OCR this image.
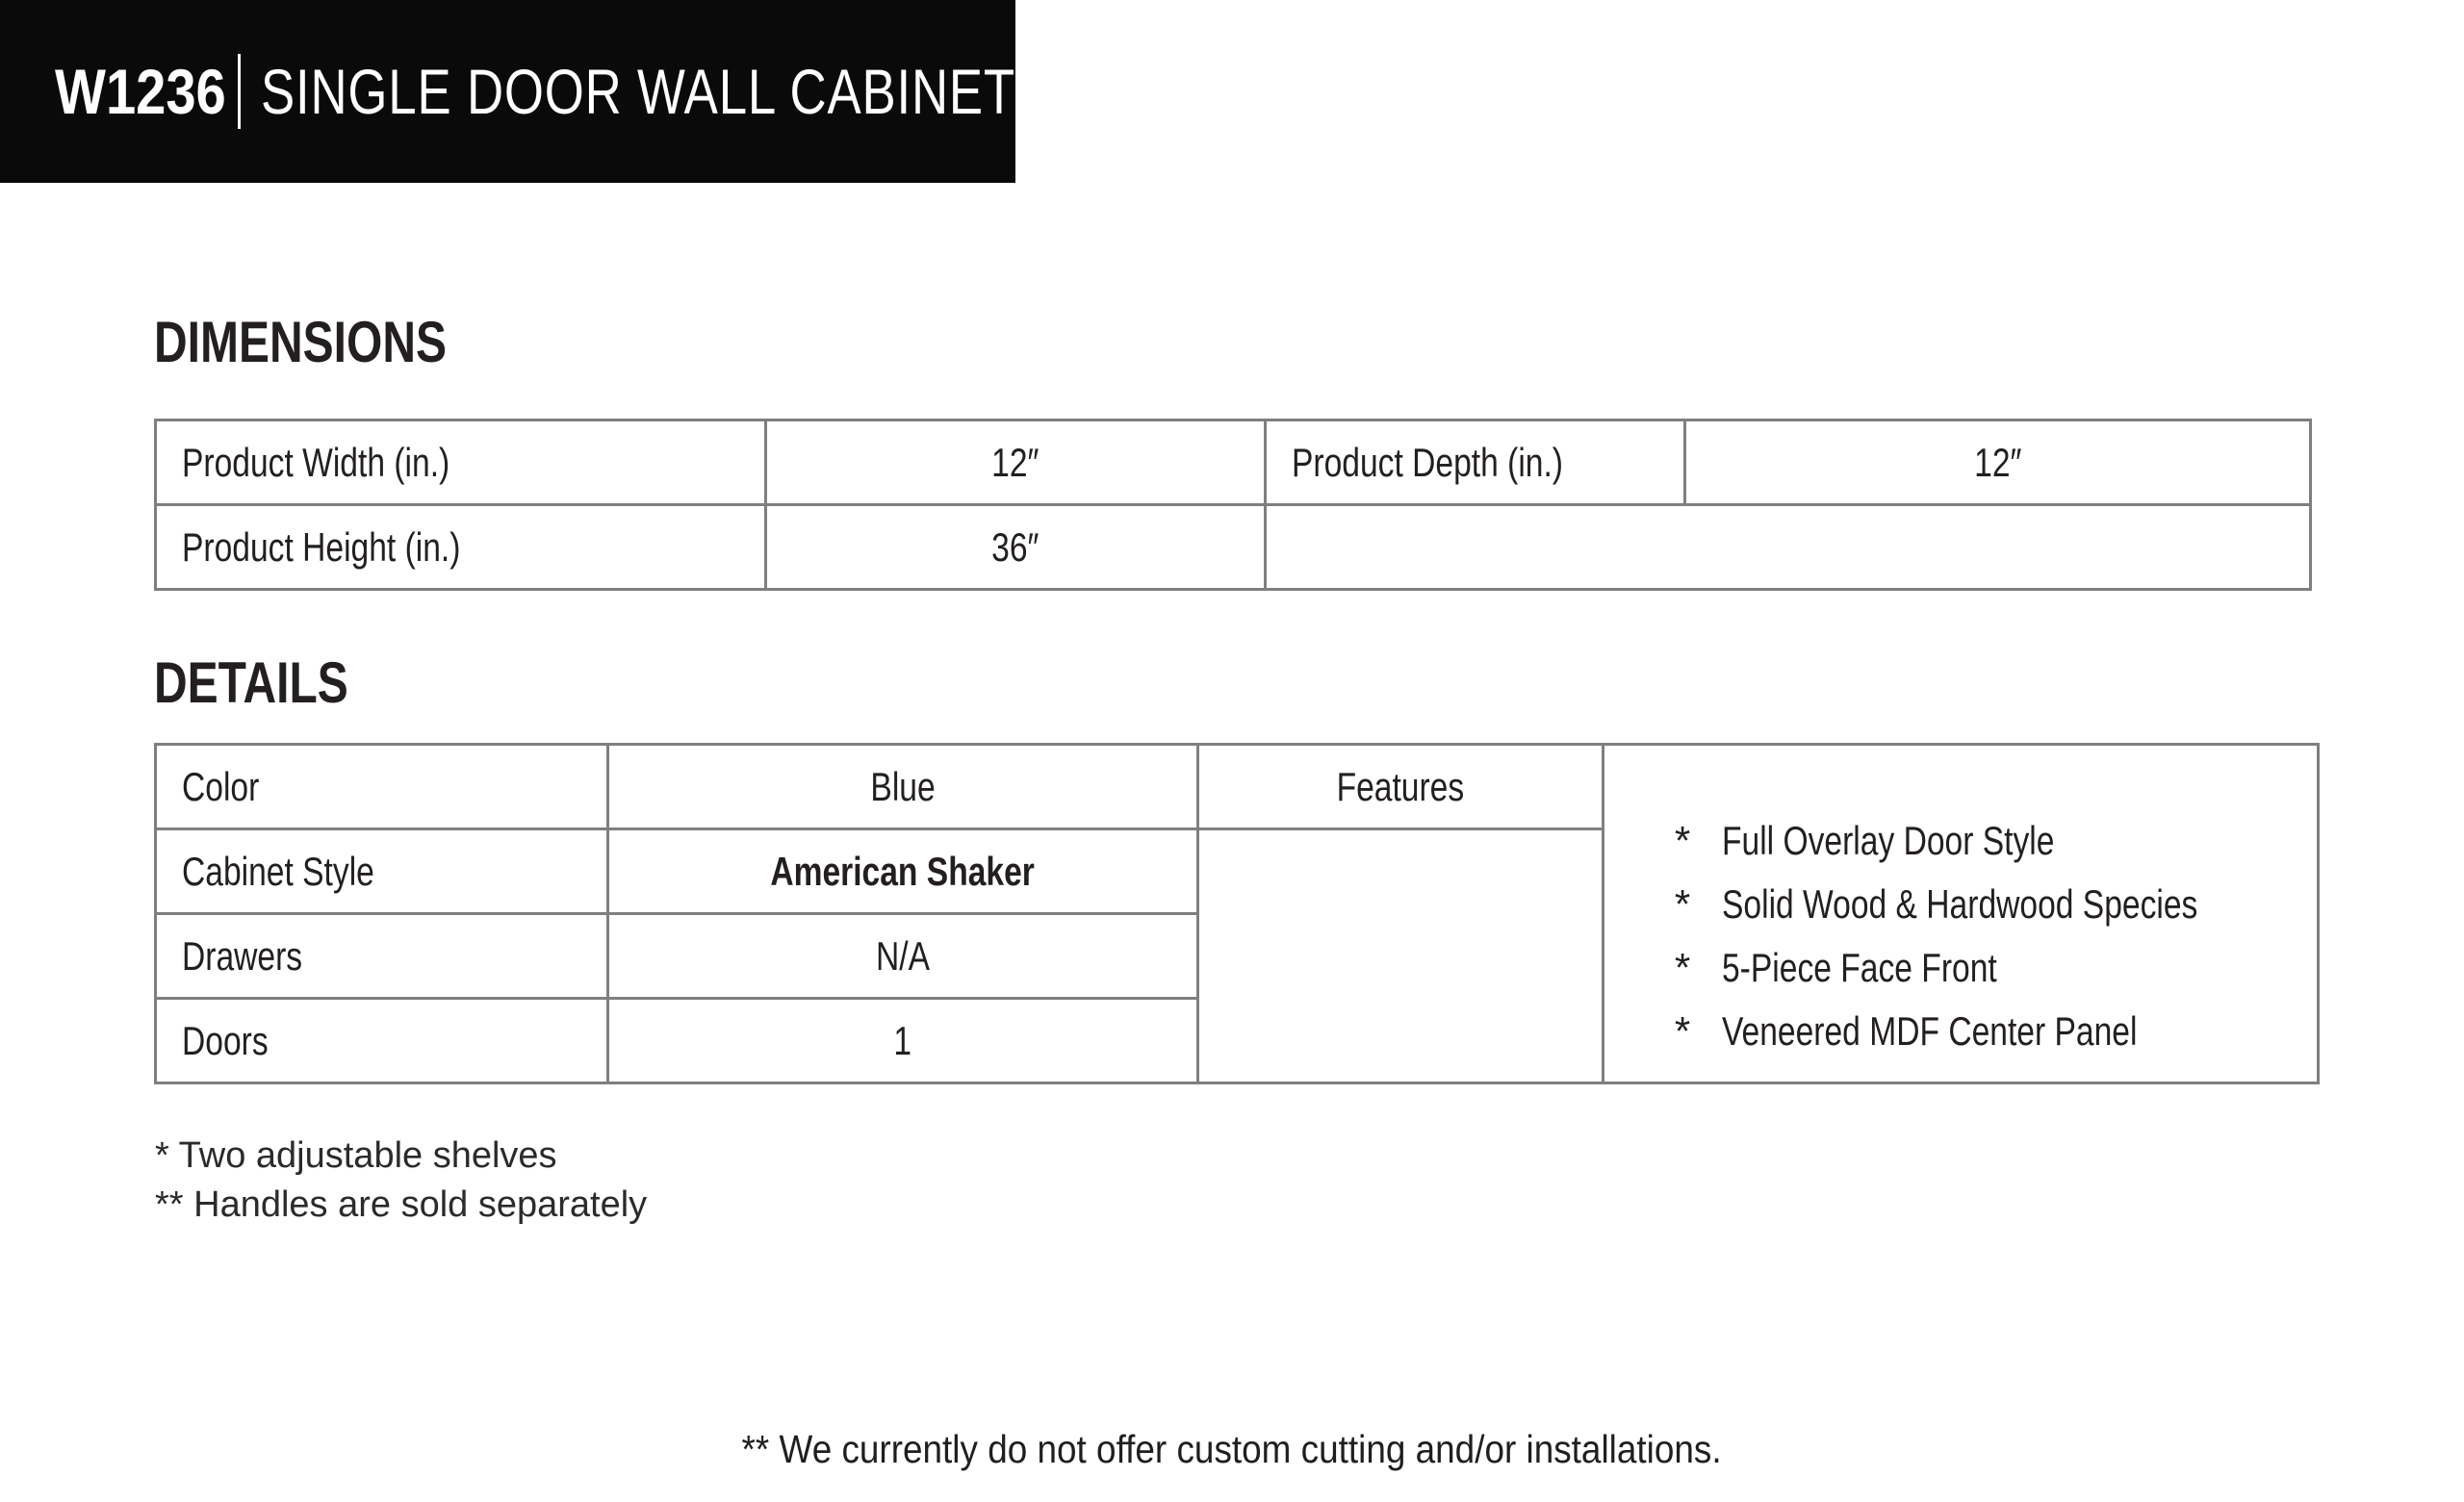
W1236 SINGLE DOOR WALL CABINET
DIMENSIONS
Product Width (in.)	12″	Product Depth (in.)	12″
Product Height (in.)	36″		
DETAILS
Color	Blue	Features	
* Full Overlay Door Style
* Solid Wood & Hardwood Species
* 5-Piece Face Front
* Veneered MDF Center Panel

Cabinet Style	American Shaker		
Drawers	N/A		
Doors	1		
* Two adjustable shelves
** Handles are sold separately
** We currently do not offer custom cutting and/or installations.
